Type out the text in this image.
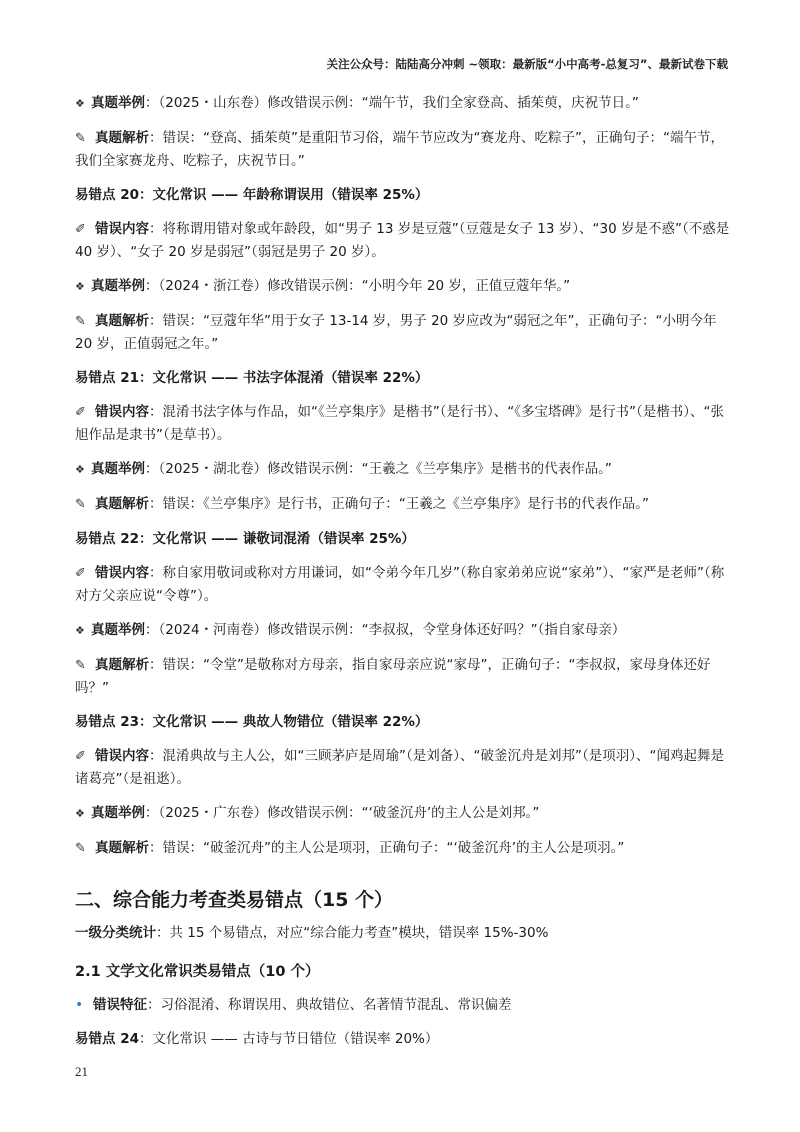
关注公众号：陆陆高分冲刺 ~领取：最新版“小中高考-总复习”、最新试卷下载

❖ 真题举例：（2025・山东卷）修改错误示例：“端午节，我们全家登高、插茱萸，庆祝节日。”

✎ 真题解析：错误：“登高、插茱萸”是重阳节习俗，端午节应改为“赛龙舟、吃粽子”，正确句子：“端午节，我们全家赛龙舟、吃粽子，庆祝节日。”

易错点 20：文化常识 —— 年龄称谓误用（错误率 25%）

✐ 错误内容：将称谓用错对象或年龄段，如“男子 13 岁是豆蔻”（豆蔻是女子 13 岁）、“30 岁是不惑”（不惑是 40 岁）、“女子 20 岁是弱冠”（弱冠是男子 20 岁）。

❖ 真题举例：（2024・浙江卷）修改错误示例：“小明今年 20 岁，正值豆蔻年华。”

✎ 真题解析：错误：“豆蔻年华”用于女子 13-14 岁，男子 20 岁应改为“弱冠之年”，正确句子：“小明今年 20 岁，正值弱冠之年。”

易错点 21：文化常识 —— 书法字体混淆（错误率 22%）

✐ 错误内容：混淆书法字体与作品，如“《兰亭集序》是楷书”（是行书）、“《多宝塔碑》是行书”（是楷书）、“张旭作品是隶书”（是草书）。

❖ 真题举例：（2025・湖北卷）修改错误示例：“王羲之《兰亭集序》是楷书的代表作品。”

✎ 真题解析：错误：《兰亭集序》是行书，正确句子：“王羲之《兰亭集序》是行书的代表作品。”

易错点 22：文化常识 —— 谦敬词混淆（错误率 25%）

✐ 错误内容：称自家用敬词或称对方用谦词，如“令弟今年几岁”（称自家弟弟应说“家弟”）、“家严是老师”（称对方父亲应说“令尊”）。

❖ 真题举例：（2024・河南卷）修改错误示例：“李叔叔，令堂身体还好吗？”（指自家母亲）

✎ 真题解析：错误：“令堂”是敬称对方母亲，指自家母亲应说“家母”，正确句子：“李叔叔，家母身体还好吗？”

易错点 23：文化常识 —— 典故人物错位（错误率 22%）

✐ 错误内容：混淆典故与主人公，如“三顾茅庐是周瑜”（是刘备）、“破釜沉舟是刘邦”（是项羽）、“闻鸡起舞是诸葛亮”（是祖逖）。

❖ 真题举例：（2025・广东卷）修改错误示例：“‘破釜沉舟’的主人公是刘邦。”

✎ 真题解析：错误：“破釜沉舟”的主人公是项羽，正确句子：“‘破釜沉舟’的主人公是项羽。”

二、综合能力考查类易错点（15 个）

一级分类统计：共 15 个易错点，对应“综合能力考查”模块，错误率 15%-30%

2.1 文学文化常识类易错点（10 个）

• 错误特征：习俗混淆、称谓误用、典故错位、名著情节混乱、常识偏差

易错点 24：文化常识 —— 古诗与节日错位（错误率 20%）

21
